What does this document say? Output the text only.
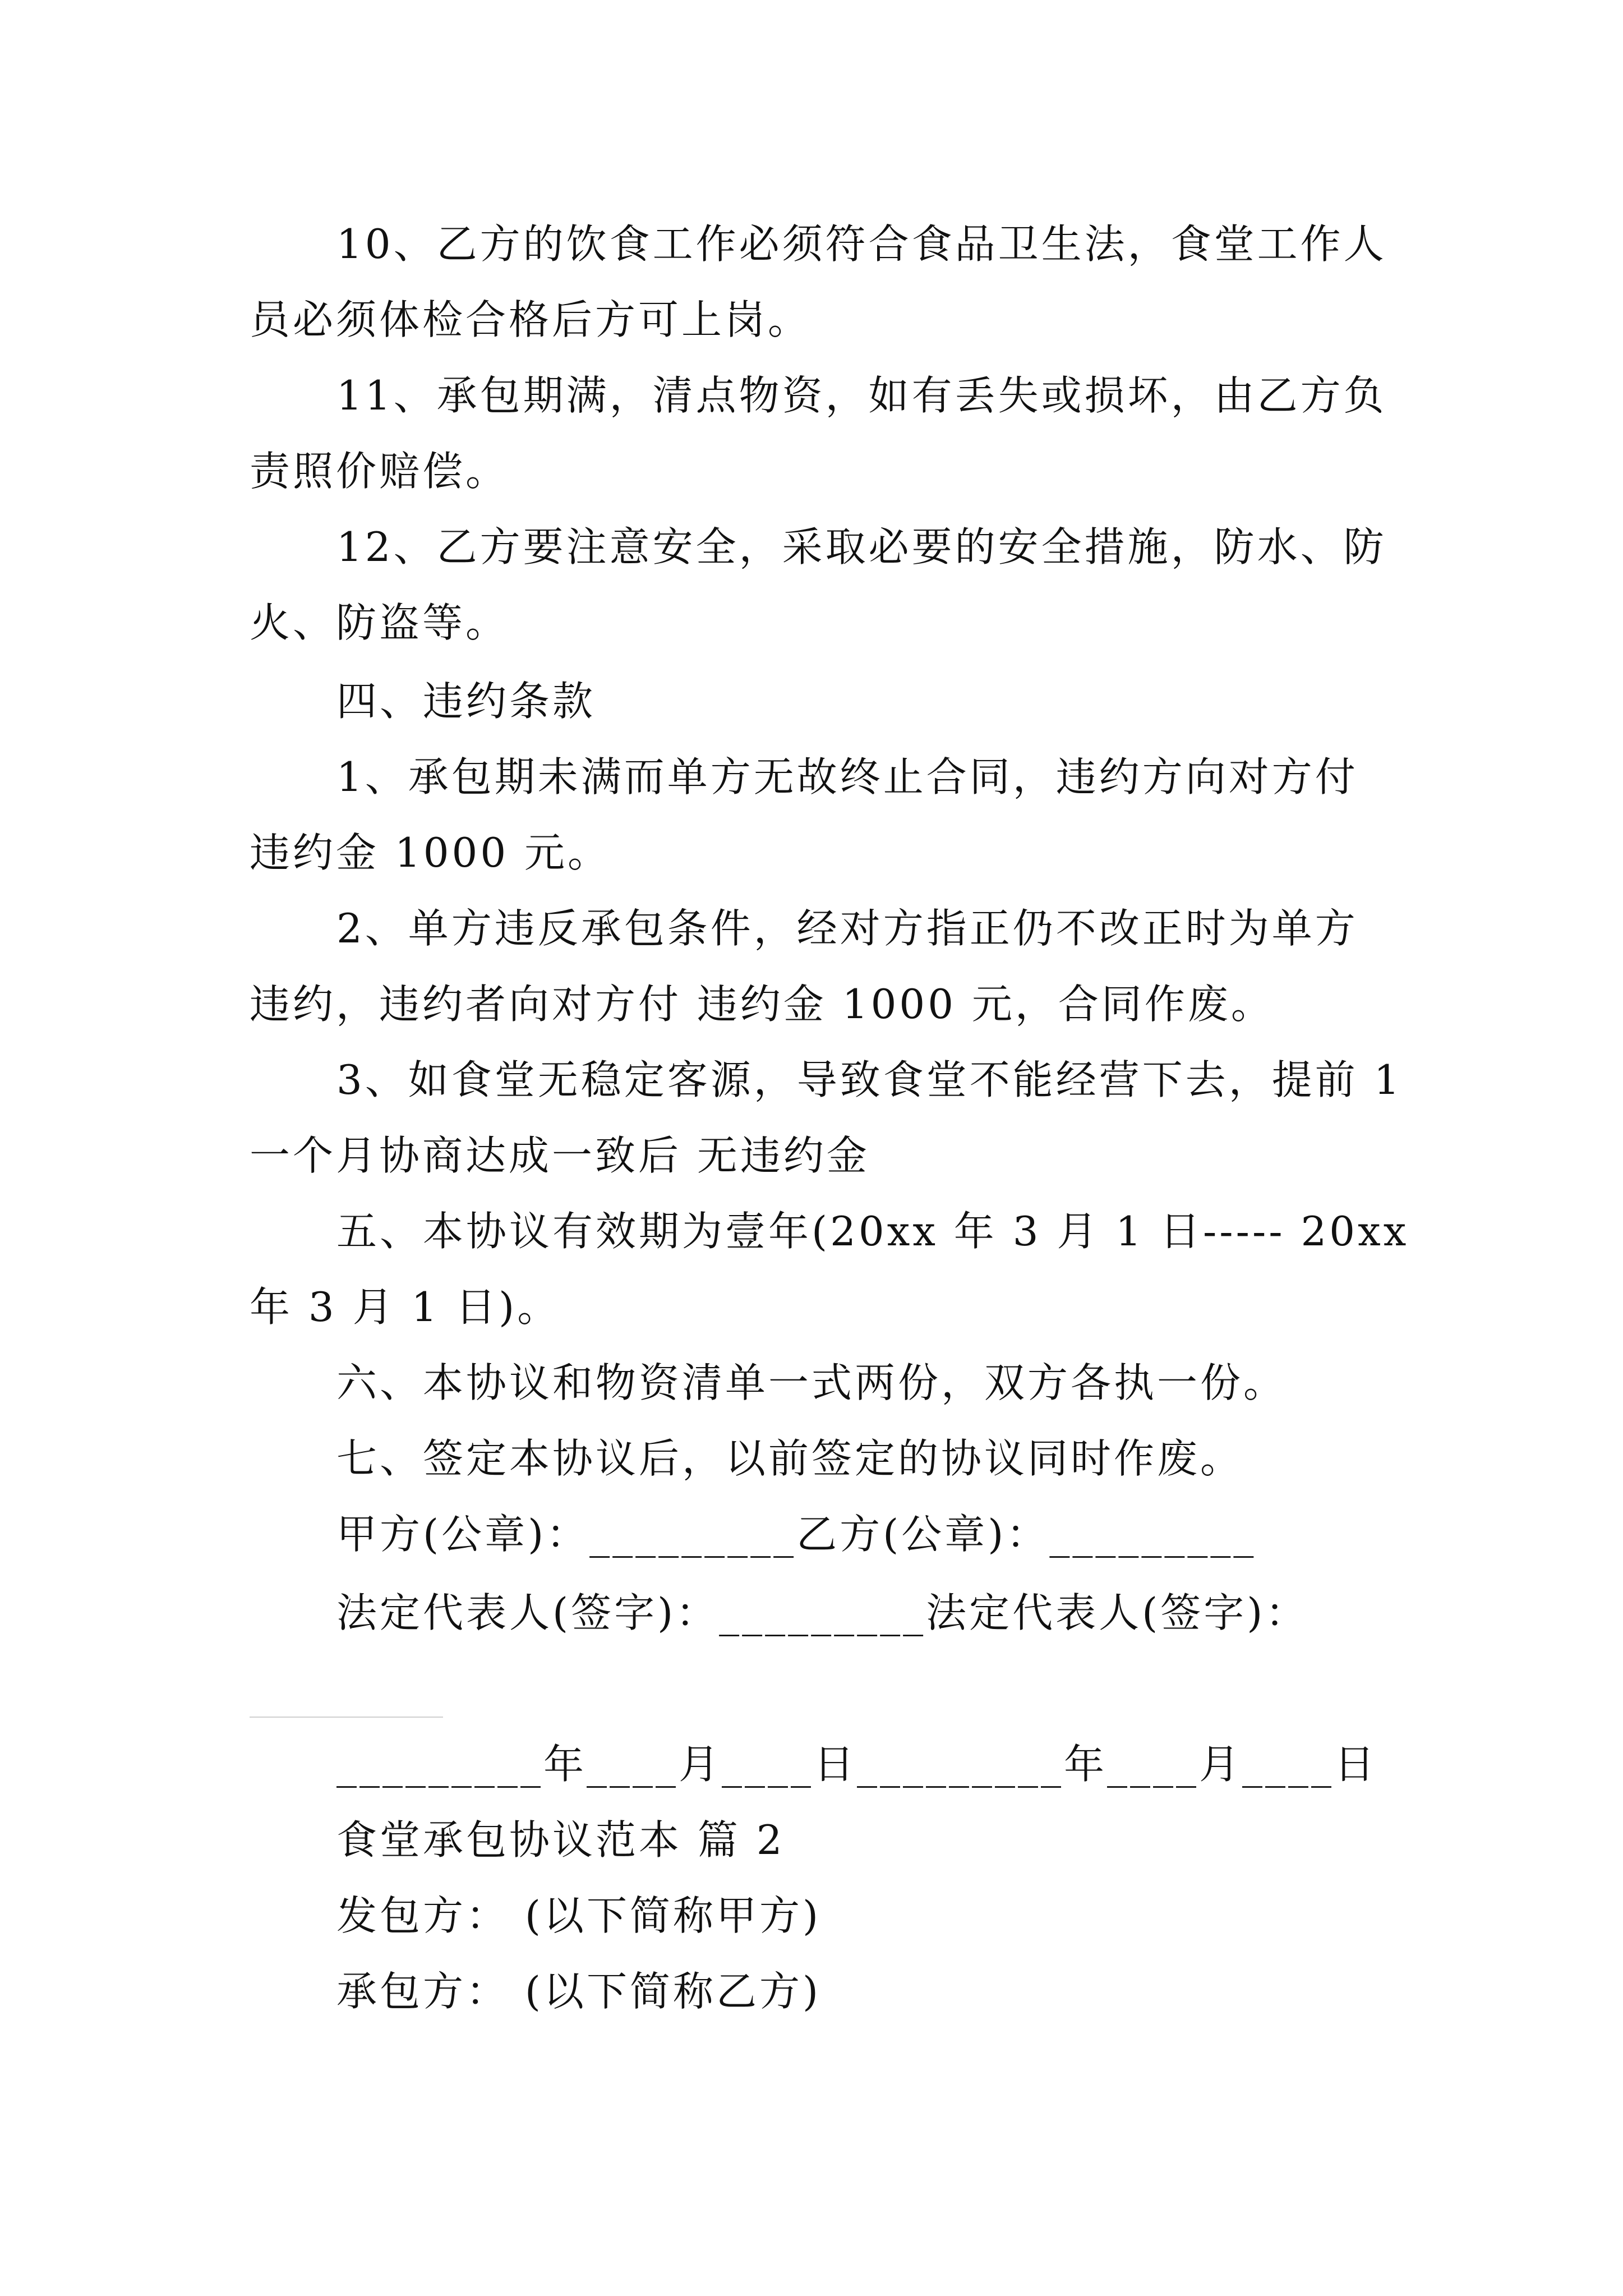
10、乙方的饮食工作必须符合食品卫生法，食堂工作人
员必须体检合格后方可上岗。
11、承包期满，清点物资，如有丢失或损坏，由乙方负
责照价赔偿。
12、乙方要注意安全，采取必要的安全措施，防水、防
火、防盗等。
四、违约条款
1、承包期未满而单方无故终止合同，违约方向对方付
违约金 1000 元。
2、单方违反承包条件，经对方指正仍不改正时为单方
违约，违约者向对方付 违约金 1000 元，合同作废。
3、如食堂无稳定客源，导致食堂不能经营下去，提前 1
一个月协商达成一致后 无违约金
五、本协议有效期为壹年(20xx 年 3 月 1 日----- 20xx
年 3 月 1 日)。
六、本协议和物资清单一式两份，双方各执一份。
七、签定本协议后，以前签定的协议同时作废。
甲方(公章)：_________乙方(公章)：_________
法定代表人(签字)：_________法定代表人(签字)：
_________年____月____日_________年____月____日
食堂承包协议范本 篇 2
发包方： (以下简称甲方)
承包方： (以下简称乙方)
